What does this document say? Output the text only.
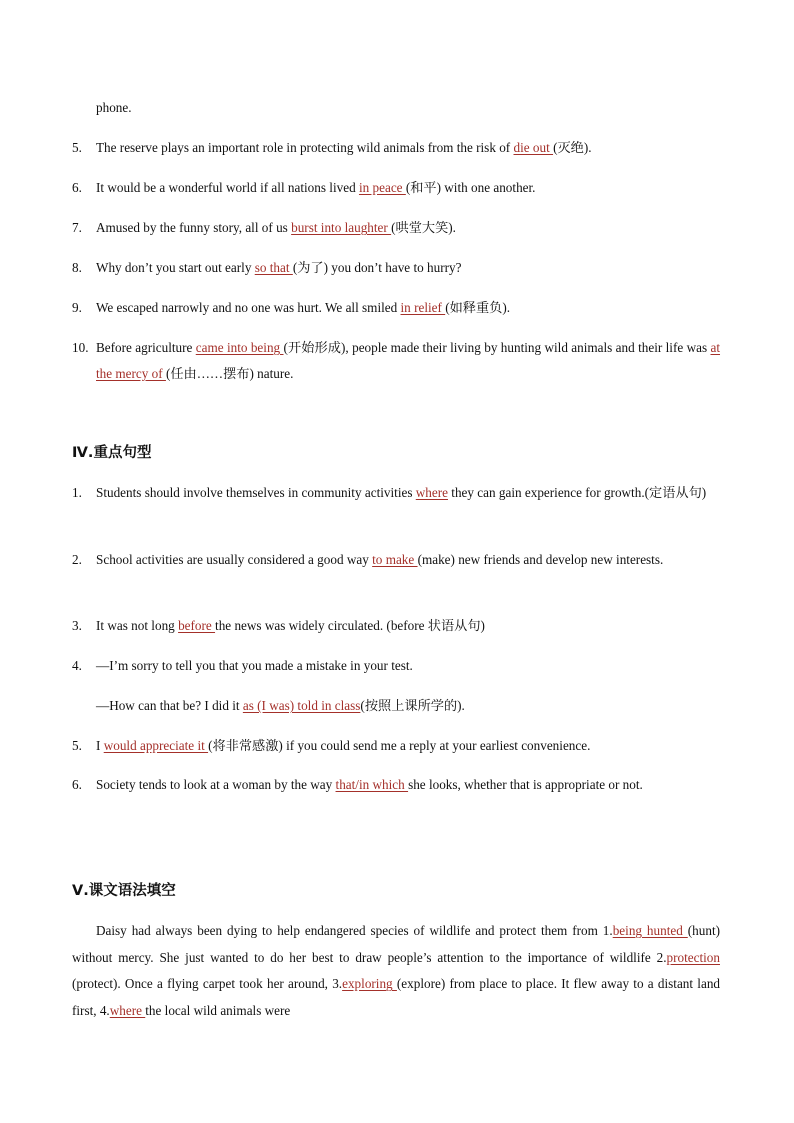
phone.
5.	The reserve plays an important role in protecting wild animals from the risk of die out (灭绝).
6.	It would be a wonderful world if all nations lived in peace (和平) with one another.
7.	Amused by the funny story, all of us burst into laughter (哄堂大笑).
8.	Why don’t you start out early so that (为了) you don’t have to hurry?
9.	We escaped narrowly and no one was hurt. We all smiled in relief (如释重负).
10. Before agriculture came into being (开始形成), people made their living by hunting wild animals and their life was at the mercy of (任由……摆布) nature.
Ⅳ.重点句型
1.	Students should involve themselves in community activities where they can gain experience for growth.(定语从句)
2.	School activities are usually considered a good way to make (make) new friends and develop new interests.
3.	It was not long before the news was widely circulated. (before 状语从句)
4.	—I’m sorry to tell you that you made a mistake in your test.
—How can that be? I did it as (I was) told in class(按照上课所学的).
5.	I would appreciate it (将非常感激) if you could send me a reply at your earliest convenience.
6.	Society tends to look at a woman by the way that/in which she looks, whether that is appropriate or not.
Ⅴ.课文语法填空
Daisy had always been dying to help endangered species of wildlife and protect them from 1.being hunted (hunt) without mercy. She just wanted to do her best to draw people’s attention to the importance of wildlife 2.protection (protect). Once a flying carpet took her around, 3.exploring (explore) from place to place. It flew away to a distant land first, 4.where the local wild animals were
